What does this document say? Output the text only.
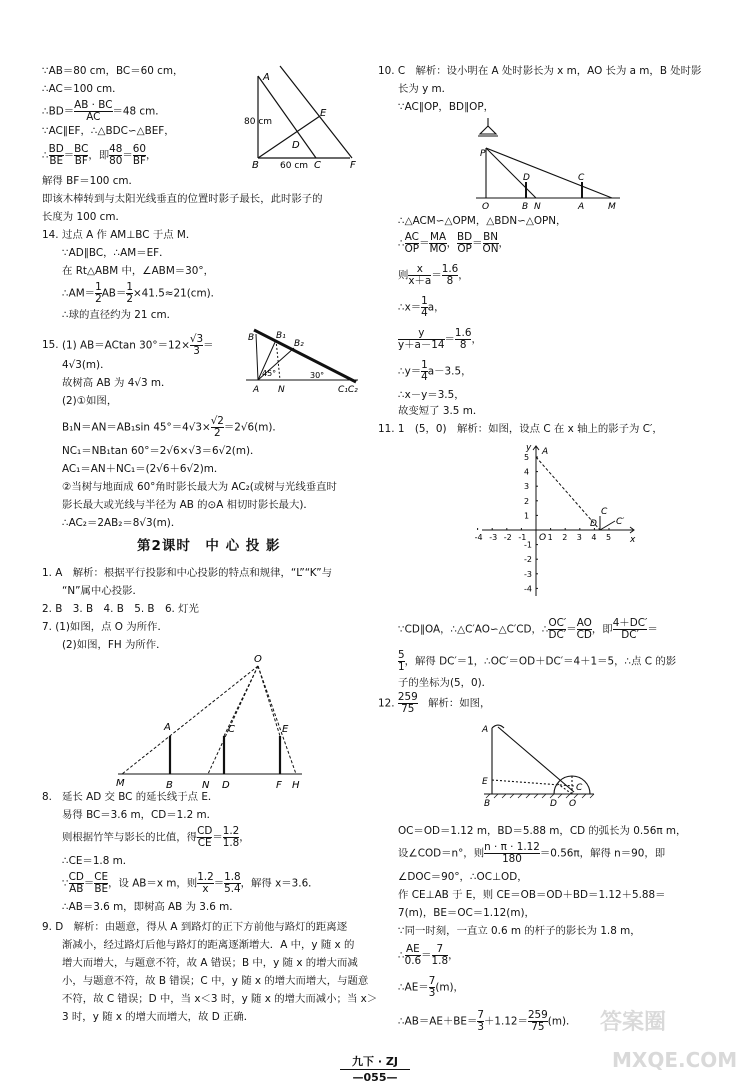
∵AB＝80 cm，BC＝60 cm，
∴AC＝100 cm．
∴BD＝ $\frac{AB \cdot BC}{AC} =48$ cm．
∵AC∥EF，∴△BDC∽△BEF，
∴ $\frac{BD}{BE} = \frac{BC}{BF}$ ，即 $\frac{48}{80} = \frac{60}{BF}$ ，
解得 BF＝100 cm．
即该木棒转到与太阳光线垂直的位置时影子最长，此时影子的
长度为 100 cm．
14. 过点 A 作 AM⊥BC 于点 M．
∵AD∥BC，∴AM＝EF．
在 Rt△ABM 中，∠ABM＝30°，
∴AM＝ $\frac{1}{2} AB= \frac{1}{2} \times 41.5\approx 21(cm)$．
∴球的直径约为 21 cm．
15. (1) AB＝ACtan $30^\circ=12\times \frac{√3}{3}$ ＝
4√3(m)．
故树高 AB 为 4√3 m．
(2)①如图，
B₁N＝AN＝AB₁sin $45^\circ=4√3\times \frac{√2}{2} =2√6(m)$．
NC₁＝NB₁tan 60°＝2√6×√3＝6√2(m)．
AC₁＝AN＋NC₁＝(2√6＋6√2)m．
②当树与地面成 60°角时影长最大为 AC₂(或树与光线垂直时
影长最大或光线与半径为 AB 的⊙A 相切时影长最大)．
∴AC₂＝2AB₂＝8√3(m)．
第2课时　中 心 投 影
1. A　解析：根据平行投影和中心投影的特点和规律，“L”“K”与
“N”属中心投影．
2. B　3. B　4. B　5. B　6. 灯光
7. (1)如图，点 O 为所作．
(2)如图，FH 为所作．
8. 延长 AD 交 BC 的延长线于点 E．
易得 BC＝3.6 m，CD＝1.2 m．
则根据竹竿与影长的比值，得 $\frac{CD}{CE} = \frac{1.2}{1.8}$ ，
∴CE＝1.8 m．
∵ $\frac{CD}{AB} = \frac{CE}{BE}$ ，设 AB＝x m，则 $\frac{1.2}{x} = \frac{1.8}{5.4}$ ，解得 x＝3.6．
∴AB＝3.6 m，即树高 AB 为 3.6 m．
9. D　解析：由题意，得从 A 到路灯的正下方前他与路灯的距离逐
渐减小，经过路灯后他与路灯的距离逐渐增大．A 中，y 随 x 的
增大而增大，与题意不符，故 A 错误；B 中，y 随 x 的增大而减
小，与题意不符，故 B 错误；C 中，y 随 x 的增大而增大，与题意
不符，故 C 错误；D 中，当 x＜3 时，y 随 x 的增大而减小；当 x＞
3 时，y 随 x 的增大而增大，故 D 正确．
80 cm
A
E
D
B	C	F
60 cm
B B₁
B₂
A N	C₁C₂
45°	30°
O
A	C	E
M	B	N D	F H
10. C　解析：设小明在 A 处时影长为 x m，AO 长为 a m，B 处时影
长为 y m．
∵AC∥OP，BD∥OP，
∴△ACM∽△OPM，△BDN∽△OPN，
∴ $\frac{AC}{OP} = \frac{MA}{MO}$ ， $\frac{BD}{OP} = \frac{BN}{ON}$ ，
则 $\frac{x}{x+a} = \frac{1.6}{8}$ ，
∴x＝ $\frac{1}{4}$ a，
$\frac{y}{y+a-14} = \frac{1.6}{8}$ ，
∴y＝ $\frac{1}{4} a-3.5$，
∴x－y＝3.5，
故变短了 3.5 m．
11. 1　(5，0)　解析：如图，设点 C 在 x 轴上的影子为 C′，
∵CD∥OA，∴△C′AO∽△C′CD，∴ $\frac{OC'}{DC'} = \frac{AO}{CD}$ ，即 $\frac{4+DC'}{DC'}$ ＝
$\frac{5}{1}$ ，解得 DC′＝1，∴OC′＝OD＋DC′＝4＋1＝5，∴点 C 的影
子的坐标为(5，0)．
12. $\frac{259}{75}$ 　解析：如图，
OC＝OD＝1.12 m，BD＝5.88 m，CD 的弧长为 0.56π m，
设∠COD＝n°，则 $\frac{n \cdot \pi \cdot 1.12}{180} =0.56\pi$，解得 n＝90，即
∠DOC＝90°，∴OC⊥OD，
作 CE⊥AB 于 E，则 CE＝OB＝OD＋BD＝1.12＋5.88＝
7(m)，BE＝OC＝1.12(m)，
∵同一时刻，一直立 0.6 m 的杆子的影长为 1.8 m，
∴ $\frac{AE}{0.6} = \frac{7}{1.8}$ ，
∴AE＝ $\frac{7}{3} (m)$，
∴AB＝AE＋BE＝ $\frac{7}{3} +1.12= \frac{259}{75} (m)$．
P
D	C
O	B N	A	M
-4 -3 -2 -1	1 2 3 4 5
5
4
3
2
1
-1
-2
-3
-4
A
C
D C′
O	x
y
A
C
E
B	D O
九下 · ZJ
—055—
答案圈
MXQE.COM
